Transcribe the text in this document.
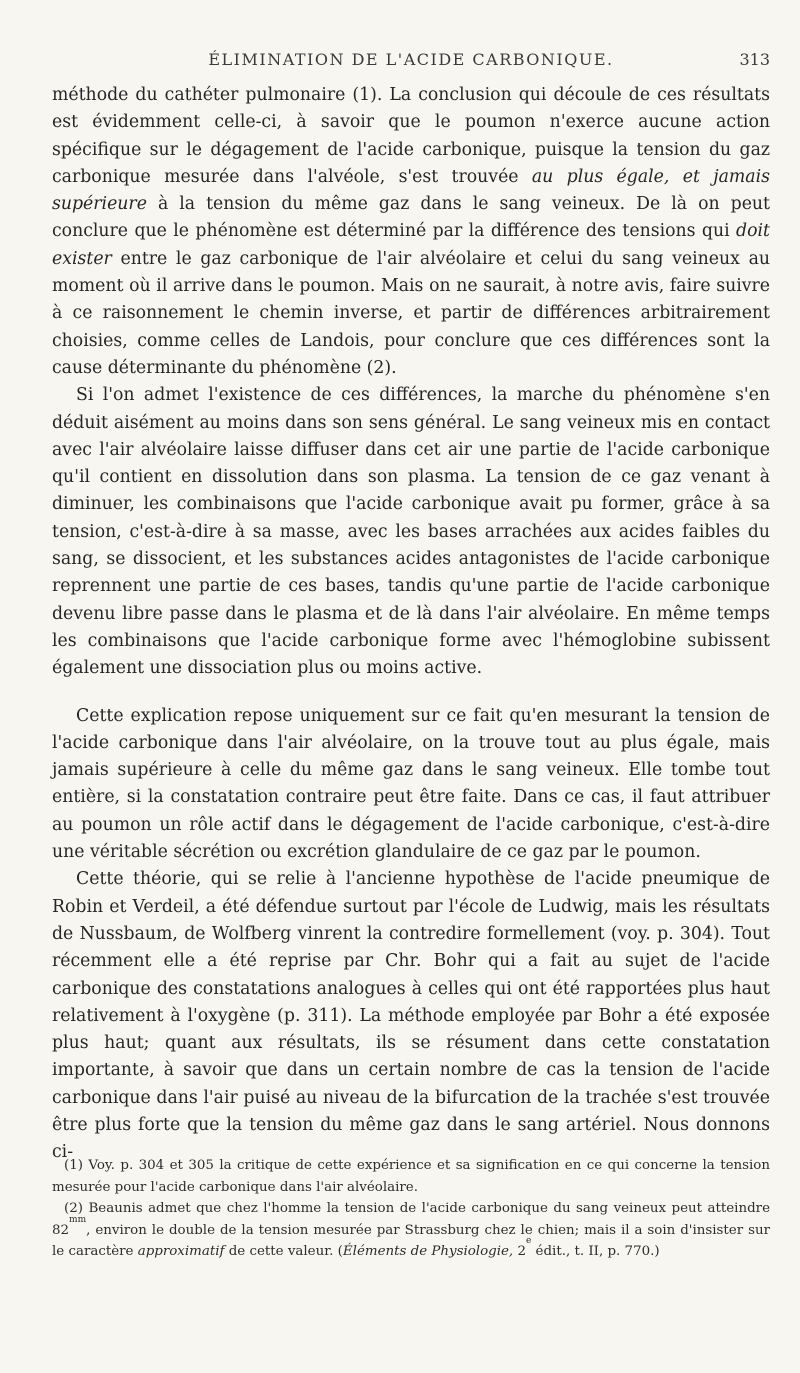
ÉLIMINATION DE L'ACIDE CARBONIQUE.	313

méthode du cathéter pulmonaire (1). La conclusion qui découle de ces résultats est évidemment celle-ci, à savoir que le poumon n'exerce aucune action spécifique sur le dégagement de l'acide carbonique, puisque la tension du gaz carbonique mesurée dans l'alvéole, s'est trouvée au plus égale, et jamais supérieure à la tension du même gaz dans le sang veineux. De là on peut conclure que le phénomène est déterminé par la différence des tensions qui doit exister entre le gaz carbonique de l'air alvéolaire et celui du sang veineux au moment où il arrive dans le poumon. Mais on ne saurait, à notre avis, faire suivre à ce raisonnement le chemin inverse, et partir de différences arbitrairement choisies, comme celles de Landois, pour conclure que ces différences sont la cause déterminante du phénomène (2).

Si l'on admet l'existence de ces différences, la marche du phénomène s'en déduit aisément au moins dans son sens général. Le sang veineux mis en contact avec l'air alvéolaire laisse diffuser dans cet air une partie de l'acide carbonique qu'il contient en dissolution dans son plasma. La tension de ce gaz venant à diminuer, les combinaisons que l'acide carbonique avait pu former, grâce à sa tension, c'est-à-dire à sa masse, avec les bases arrachées aux acides faibles du sang, se dissocient, et les substances acides antagonistes de l'acide carbonique reprennent une partie de ces bases, tandis qu'une partie de l'acide carbonique devenu libre passe dans le plasma et de là dans l'air alvéolaire. En même temps les combinaisons que l'acide carbonique forme avec l'hémoglobine subissent également une dissociation plus ou moins active.

Cette explication repose uniquement sur ce fait qu'en mesurant la tension de l'acide carbonique dans l'air alvéolaire, on la trouve tout au plus égale, mais jamais supérieure à celle du même gaz dans le sang veineux. Elle tombe tout entière, si la constatation contraire peut être faite. Dans ce cas, il faut attribuer au poumon un rôle actif dans le dégagement de l'acide carbonique, c'est-à-dire une véritable sécrétion ou excrétion glandulaire de ce gaz par le poumon.

Cette théorie, qui se relie à l'ancienne hypothèse de l'acide pneumique de Robin et Verdeil, a été défendue surtout par l'école de Ludwig, mais les résultats de Nussbaum, de Wolfberg vinrent la contredire formellement (voy. p. 304). Tout récemment elle a été reprise par Chr. Bohr qui a fait au sujet de l'acide carbonique des constatations analogues à celles qui ont été rapportées plus haut relativement à l'oxygène (p. 311). La méthode employée par Bohr a été exposée plus haut; quant aux résultats, ils se résument dans cette constatation importante, à savoir que dans un certain nombre de cas la tension de l'acide carbonique dans l'air puisé au niveau de la bifurcation de la trachée s'est trouvée être plus forte que la tension du même gaz dans le sang artériel. Nous donnons ci-

(1) Voy. p. 304 et 305 la critique de cette expérience et sa signification en ce qui concerne la tension mesurée pour l'acide carbonique dans l'air alvéolaire.

(2) Beaunis admet que chez l'homme la tension de l'acide carbonique du sang veineux peut atteindre $82^{mm}$, environ le double de la tension mesurée par Strassburg chez le chien; mais il a soin d'insister sur le caractère approximatif de cette valeur. (Éléments de Physiologie, 2e édit., t. II, p. 770.)
